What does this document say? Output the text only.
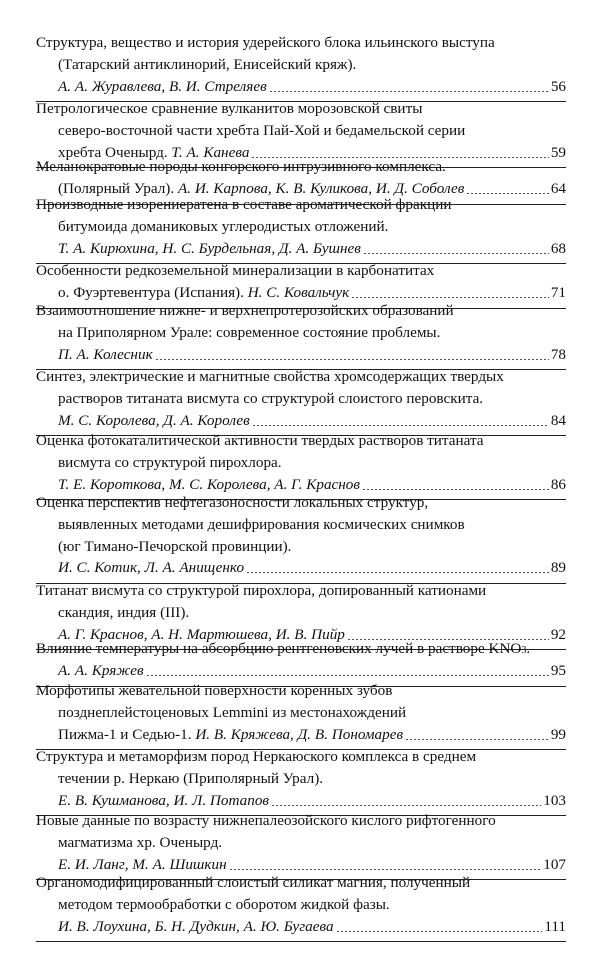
Структура, вещество и история удерейского блока ильинского выступа
(Татарский антиклинорий, Енисейский кряж).
А. А. Журавлева, В. И. Стреляев	56
Петрологическое сравнение вулканитов морозовской свиты
северо-восточной части хребта Пай-Хой и бедамельской серии
хребта Оченырд.
Т. А. Канева	59
Меланократовые породы конгорского интрузивного комплекса.
(Полярный Урал).
А. И. Карпова, К. В. Куликова, И. Д. Соболев	64
Производные изорениератена в составе ароматической фракции
битумоида доманиковых углеродистых отложений.
Т. А. Кирюхина, Н. С. Бурдельная, Д. А. Бушнев	68
Особенности редкоземельной минерализации в карбонатитах
о. Фуэртевентура (Испания).
Н. С. Ковальчук	71
Взаимоотношение нижне- и верхнепротерозойских образований
на Приполярном Урале: современное состояние проблемы.
П. А. Колесник	78
Синтез, электрические и магнитные свойства хромсодержащих твердых
растворов титаната висмута со структурой слоистого перовскита.
М. С. Королева, Д. А. Королев	84
Оценка фотокаталитической активности твердых растворов титаната
висмута со структурой пирохлора.
Т. Е. Короткова, М. С. Королева, А. Г. Краснов	86
Оценка перспектив нефтегазоносности локальных структур,
выявленных методами дешифрирования космических снимков
(юг Тимано-Печорской провинции).
И. С. Котик, Л. А. Анищенко	89
Титанат висмута со структурой пирохлора, допированный катионами
скандия, индия (III).
А. Г. Краснов, А. Н. Мартюшева, И. В. Пийр	92
Влияние температуры на абсорбцию рентгеновских лучей в растворе KNO 3 .
А. А. Кряжев	95
Морфотипы жевательной поверхности коренных зубов
позднеплейстоценовых Lemmini из местонахождений
Пижма-1 и Седью-1.
И. В. Кряжева, Д. В. Пономарев	99
Структура и метаморфизм пород Неркаюского комплекса в среднем
течении р. Неркаю (Приполярный Урал).
Е. В. Кушманова, И. Л. Потапов	103
Новые данные по возрасту нижнепалеозойского кислого рифтогенного
магматизма хр. Оченырд.
Е. И. Ланг, М. А. Шишкин	107
Органомодифицированный слоистый силикат магния, полученный
методом термообработки с оборотом жидкой фазы.
И. В. Лоухина, Б. Н. Дудкин, А. Ю. Бугаева	111
